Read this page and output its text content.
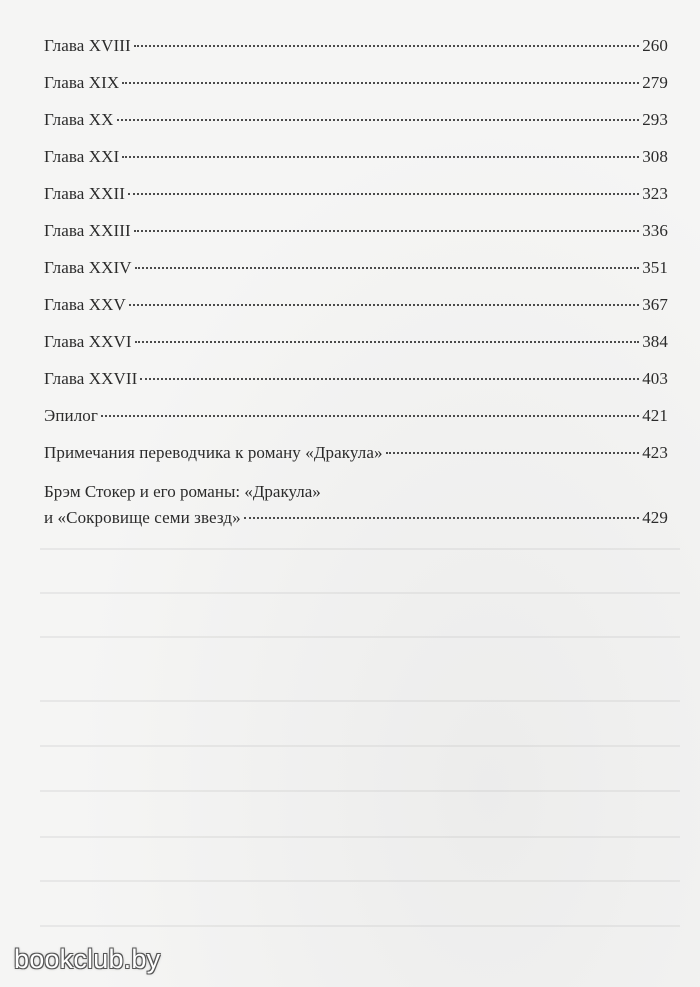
Глава XVIII	260
Глава XIX	279
Глава XX	293
Глава XXI	308
Глава XXII	323
Глава XXIII	336
Глава XXIV	351
Глава XXV	367
Глава XXVI	384
Глава XXVII	403
Эпилог	421
Примечания переводчика к роману «Дракула»	423
Брэм Стокер и его романы: «Дракула»
и «Сокровище семи звезд»	429
bookclub.by
